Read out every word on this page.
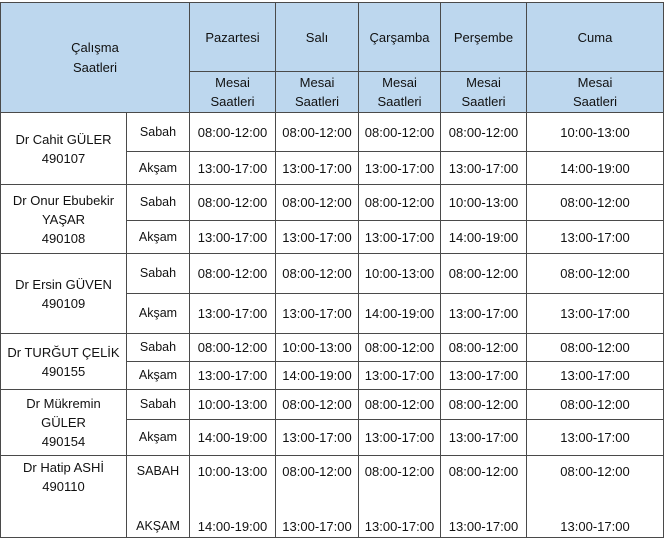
Çalışma Saatleri		Pazartesi	Salı	Çarşamba	Perşembe	Cuma
		Mesai Saatleri	Mesai Saatleri	Mesai Saatleri	Mesai Saatleri	Mesai Saatleri

Dr Cahit GÜLER
490107	Sabah	08:00-12:00	08:00-12:00	08:00-12:00	08:00-12:00	10:00-13:00
	Akşam	13:00-17:00	13:00-17:00	13:00-17:00	13:00-17:00	14:00-19:00

Dr Onur Ebubekir
YAŞAR
490108	Sabah	08:00-12:00	08:00-12:00	08:00-12:00	10:00-13:00	08:00-12:00
	Akşam	13:00-17:00	13:00-17:00	13:00-17:00	14:00-19:00	13:00-17:00

Dr Ersin GÜVEN
490109	Sabah	08:00-12:00	08:00-12:00	10:00-13:00	08:00-12:00	08:00-12:00
	Akşam	13:00-17:00	13:00-17:00	14:00-19:00	13:00-17:00	13:00-17:00

Dr TURĞUT ÇELİK
490155	Sabah	08:00-12:00	10:00-13:00	08:00-12:00	08:00-12:00	08:00-12:00
	Akşam	13:00-17:00	14:00-19:00	13:00-17:00	13:00-17:00	13:00-17:00

Dr Mükremin
GÜLER
490154	Sabah	10:00-13:00	08:00-12:00	08:00-12:00	08:00-12:00	08:00-12:00
	Akşam	14:00-19:00	13:00-17:00	13:00-17:00	13:00-17:00	13:00-17:00

Dr Hatip ASHİ
490110	SABAH	10:00-13:00	08:00-12:00	08:00-12:00	08:00-12:00	08:00-12:00
	AKŞAM	14:00-19:00	13:00-17:00	13:00-17:00	13:00-17:00	13:00-17:00
